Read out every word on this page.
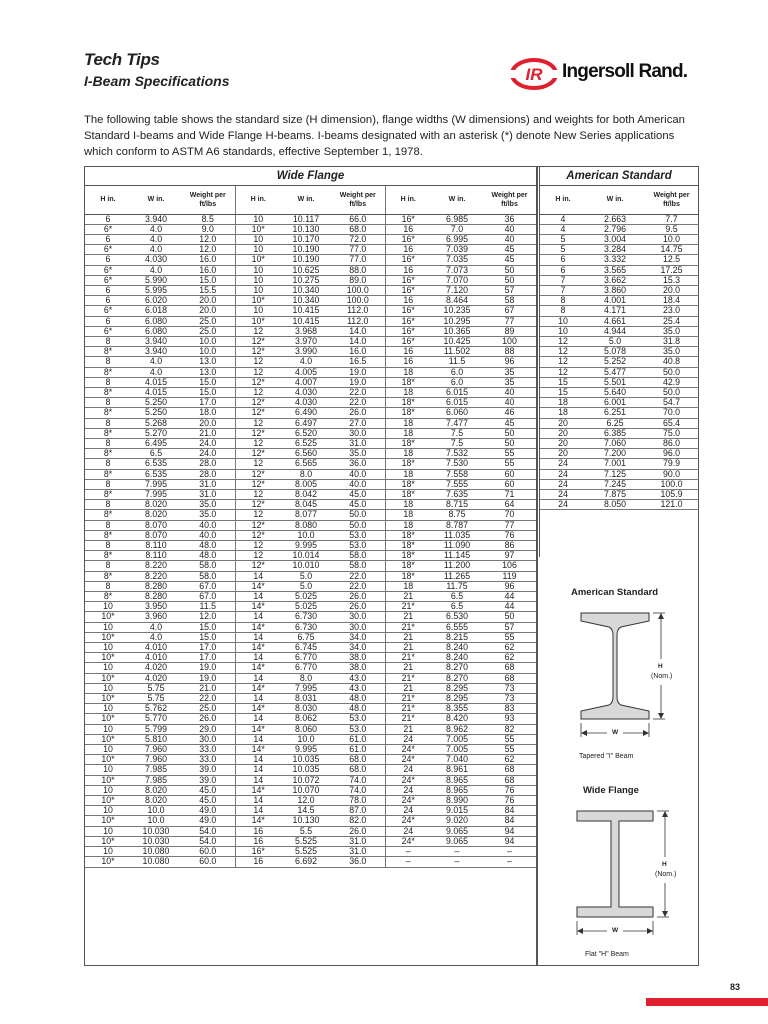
Tech Tips
I-Beam Specifications	IR Ingersoll Rand.

The following table shows the standard size (H dimension), flange widths (W dimensions) and weights for both American Standard I-beams and Wide Flange H-beams. I-beams designated with an asterisk (*) denote New Series applications which conform to ASTM A6 standards, effective September 1, 1978.

Wide Flange
H in.	W in.	Weight per ft/lbs	H in.	W in.	Weight per ft/lbs	H in.	W in.	Weight per ft/lbs
6	3.940	8.5	10	10.117	66.0	16*	6.985	36
6*	4.0	9.0	10*	10.130	68.0	16	7.0	40
6	4.0	12.0	10	10.170	72.0	16*	6.995	40
6*	4.0	12.0	10	10.190	77.0	16	7.039	45
6	4.030	16.0	10*	10.190	77.0	16*	7.035	45
6*	4.0	16.0	10	10.625	88.0	16	7.073	50
6*	5.990	15.0	10	10.275	89.0	16*	7.070	50
6	5.995	15.5	10	10.340	100.0	16*	7.120	57
6	6.020	20.0	10*	10.340	100.0	16	8.464	58
6*	6.018	20.0	10	10.415	112.0	16*	10.235	67
6	6.080	25.0	10*	10.415	112.0	16*	10.295	77
6*	6.080	25.0	12	3.968	14.0	16*	10.365	89
8	3.940	10.0	12*	3.970	14.0	16*	10.425	100
8*	3.940	10.0	12*	3.990	16.0	16	11.502	88
8	4.0	13.0	12	4.0	16.5	16	11.5	96
8*	4.0	13.0	12	4.005	19.0	18	6.0	35
8	4.015	15.0	12*	4.007	19.0	18*	6.0	35
8*	4.015	15.0	12	4.030	22.0	18	6.015	40
8	5.250	17.0	12*	4.030	22.0	18*	6.015	40
8*	5.250	18.0	12*	6.490	26.0	18*	6.060	46
8	5.268	20.0	12	6.497	27.0	18	7.477	45
8*	5.270	21.0	12*	6.520	30.0	18	7.5	50
8	6.495	24.0	12	6.525	31.0	18*	7.5	50
8*	6.5	24.0	12*	6.560	35.0	18	7.532	55
8	6.535	28.0	12	6.565	36.0	18*	7.530	55
8*	6.535	28.0	12*	8.0	40.0	18	7.558	60
8	7.995	31.0	12*	8.005	40.0	18*	7.555	60
8*	7.995	31.0	12	8.042	45.0	18*	7.635	71
8	8.020	35.0	12*	8.045	45.0	18	8.715	64
8*	8.020	35.0	12	8.077	50.0	18	8.75	70
8	8.070	40.0	12*	8.080	50.0	18	8.787	77
8*	8.070	40.0	12*	10.0	53.0	18*	11.035	76
8	8.110	48.0	12	9.995	53.0	18*	11.090	86
8*	8.110	48.0	12	10.014	58.0	18*	11.145	97
8	8.220	58.0	12*	10.010	58.0	18*	11.200	106
8*	8.220	58.0	14	5.0	22.0	18*	11.265	119
8	8.280	67.0	14*	5.0	22.0	18	11.75	96
8*	8.280	67.0	14	5.025	26.0	21	6.5	44
10	3.950	11.5	14*	5.025	26.0	21*	6.5	44
10*	3.960	12.0	14	6.730	30.0	21	6.530	50
10	4.0	15.0	14*	6.730	30.0	21*	6.555	57
10*	4.0	15.0	14	6.75	34.0	21	8.215	55
10	4.010	17.0	14*	6.745	34.0	21	8.240	62
10*	4.010	17.0	14	6.770	38.0	21*	8.240	62
10	4.020	19.0	14*	6.770	38.0	21	8.270	68
10*	4.020	19.0	14	8.0	43.0	21*	8.270	68
10	5.75	21.0	14*	7.995	43.0	21	8.295	73
10*	5.75	22.0	14	8.031	48.0	21*	8.295	73
10	5.762	25.0	14*	8.030	48.0	21*	8.355	83
10*	5.770	26.0	14	8.062	53.0	21*	8.420	93
10	5.799	29.0	14*	8.060	53.0	21	8.962	82
10*	5.810	30.0	14	10.0	61.0	24	7.005	55
10	7.960	33.0	14*	9.995	61.0	24*	7.005	55
10*	7.960	33.0	14	10.035	68.0	24*	7.040	62
10	7.985	39.0	14	10.035	68.0	24	8.961	68
10*	7.985	39.0	14	10.072	74.0	24*	8.965	68
10	8.020	45.0	14*	10.070	74.0	24	8.965	76
10*	8.020	45.0	14	12.0	78.0	24*	8.990	76
10	10.0	49.0	14	14.5	87.0	24	9.015	84
10*	10.0	49.0	14*	10.130	82.0	24*	9.020	84
10	10.030	54.0	16	5.5	26.0	24	9.065	94
10*	10.030	54.0	16	5.525	31.0	24*	9.065	94
10	10.080	60.0	16*	5.525	31.0	–	–	–
10*	10.080	60.0	16	6.692	36.0	–	–	–
American Standard
H in.	W in.	Weight per ft/lbs
4	2.663	7.7
4	2.796	9.5
5	3.004	10.0
5	3.284	14.75
6	3.332	12.5
6	3.565	17.25
7	3.662	15.3
7	3.860	20.0
8	4.001	18.4
8	4.171	23.0
10	4.661	25.4
10	4.944	35.0
12	5.0	31.8
12	5.078	35.0
12	5.252	40.8
12	5.477	50.0
15	5.501	42.9
15	5.640	50.0
18	6.001	54.7
18	6.251	70.0
20	6.25	65.4
20	6.385	75.0
20	7.060	86.0
20	7.200	96.0
24	7.001	79.9
24	7.125	90.0
24	7.245	100.0
24	7.875	105.9
24	8.050	121.0
American Standard
H
(Nom.)
W
Tapered "I" Beam
Wide Flange
H
(Nom.)
W
Flat "H" Beam
83
